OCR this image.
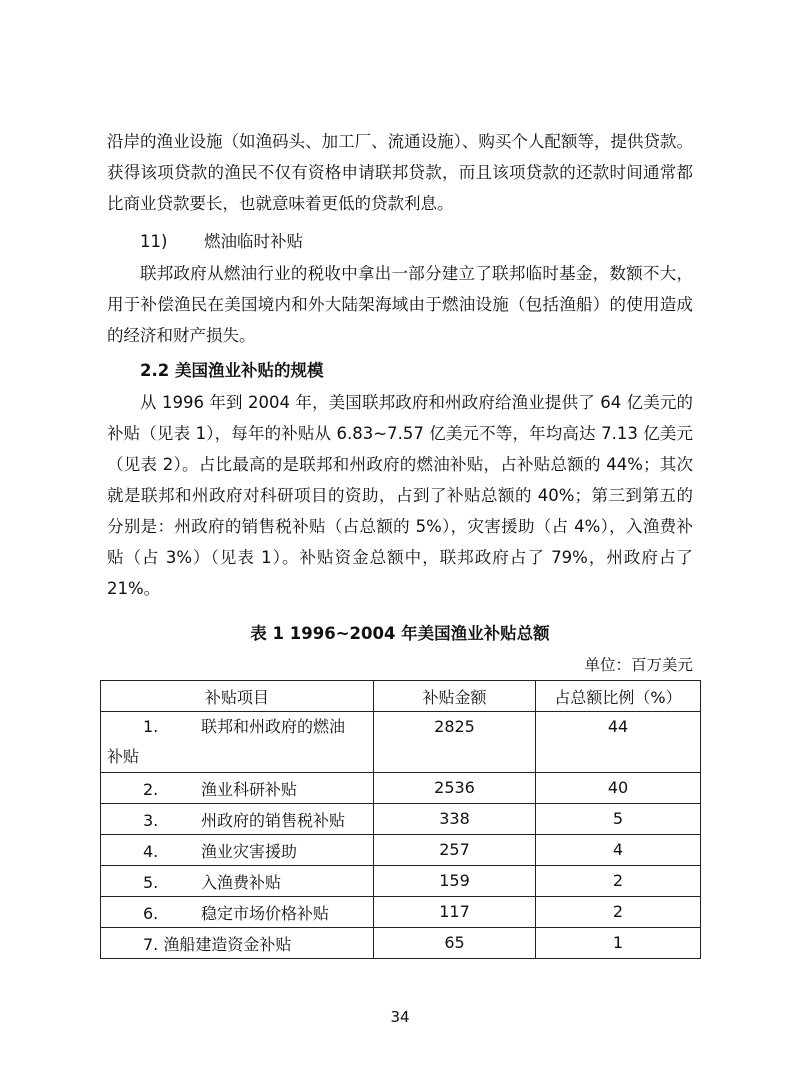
沿岸的渔业设施（如渔码头、加工厂、流通设施）、购买个人配额等，提供贷款。获得该项贷款的渔民不仅有资格申请联邦贷款，而且该项贷款的还款时间通常都比商业贷款要长，也就意味着更低的贷款利息。

11) 燃油临时补贴

联邦政府从燃油行业的税收中拿出一部分建立了联邦临时基金，数额不大，用于补偿渔民在美国境内和外大陆架海域由于燃油设施（包括渔船）的使用造成的经济和财产损失。

2.2 美国渔业补贴的规模

从 1996 年到 2004 年，美国联邦政府和州政府给渔业提供了 64 亿美元的补贴（见表 1），每年的补贴从 6.83~7.57 亿美元不等，年均高达 7.13 亿美元（见表 2）。占比最高的是联邦和州政府的燃油补贴，占补贴总额的 44%；其次就是联邦和州政府对科研项目的资助，占到了补贴总额的 40%；第三到第五的分别是：州政府的销售税补贴（占总额的 5%），灾害援助（占 4%），入渔费补贴（占 3%）（见表 1）。补贴资金总额中，联邦政府占了 79%，州政府占了 21%。

表 1 1996~2004 年美国渔业补贴总额
单位：百万美元
补贴项目	补贴金额	占总额比例（%）

1. 联邦和州政府的燃油
补贴	2825	44
2. 渔业科研补贴	2536	40
3. 州政府的销售税补贴	338	5
4. 渔业灾害援助	257	4
5. 入渔费补贴	159	2
6. 稳定市场价格补贴	117	2
7. 渔船建造资金补贴	65	1
34
